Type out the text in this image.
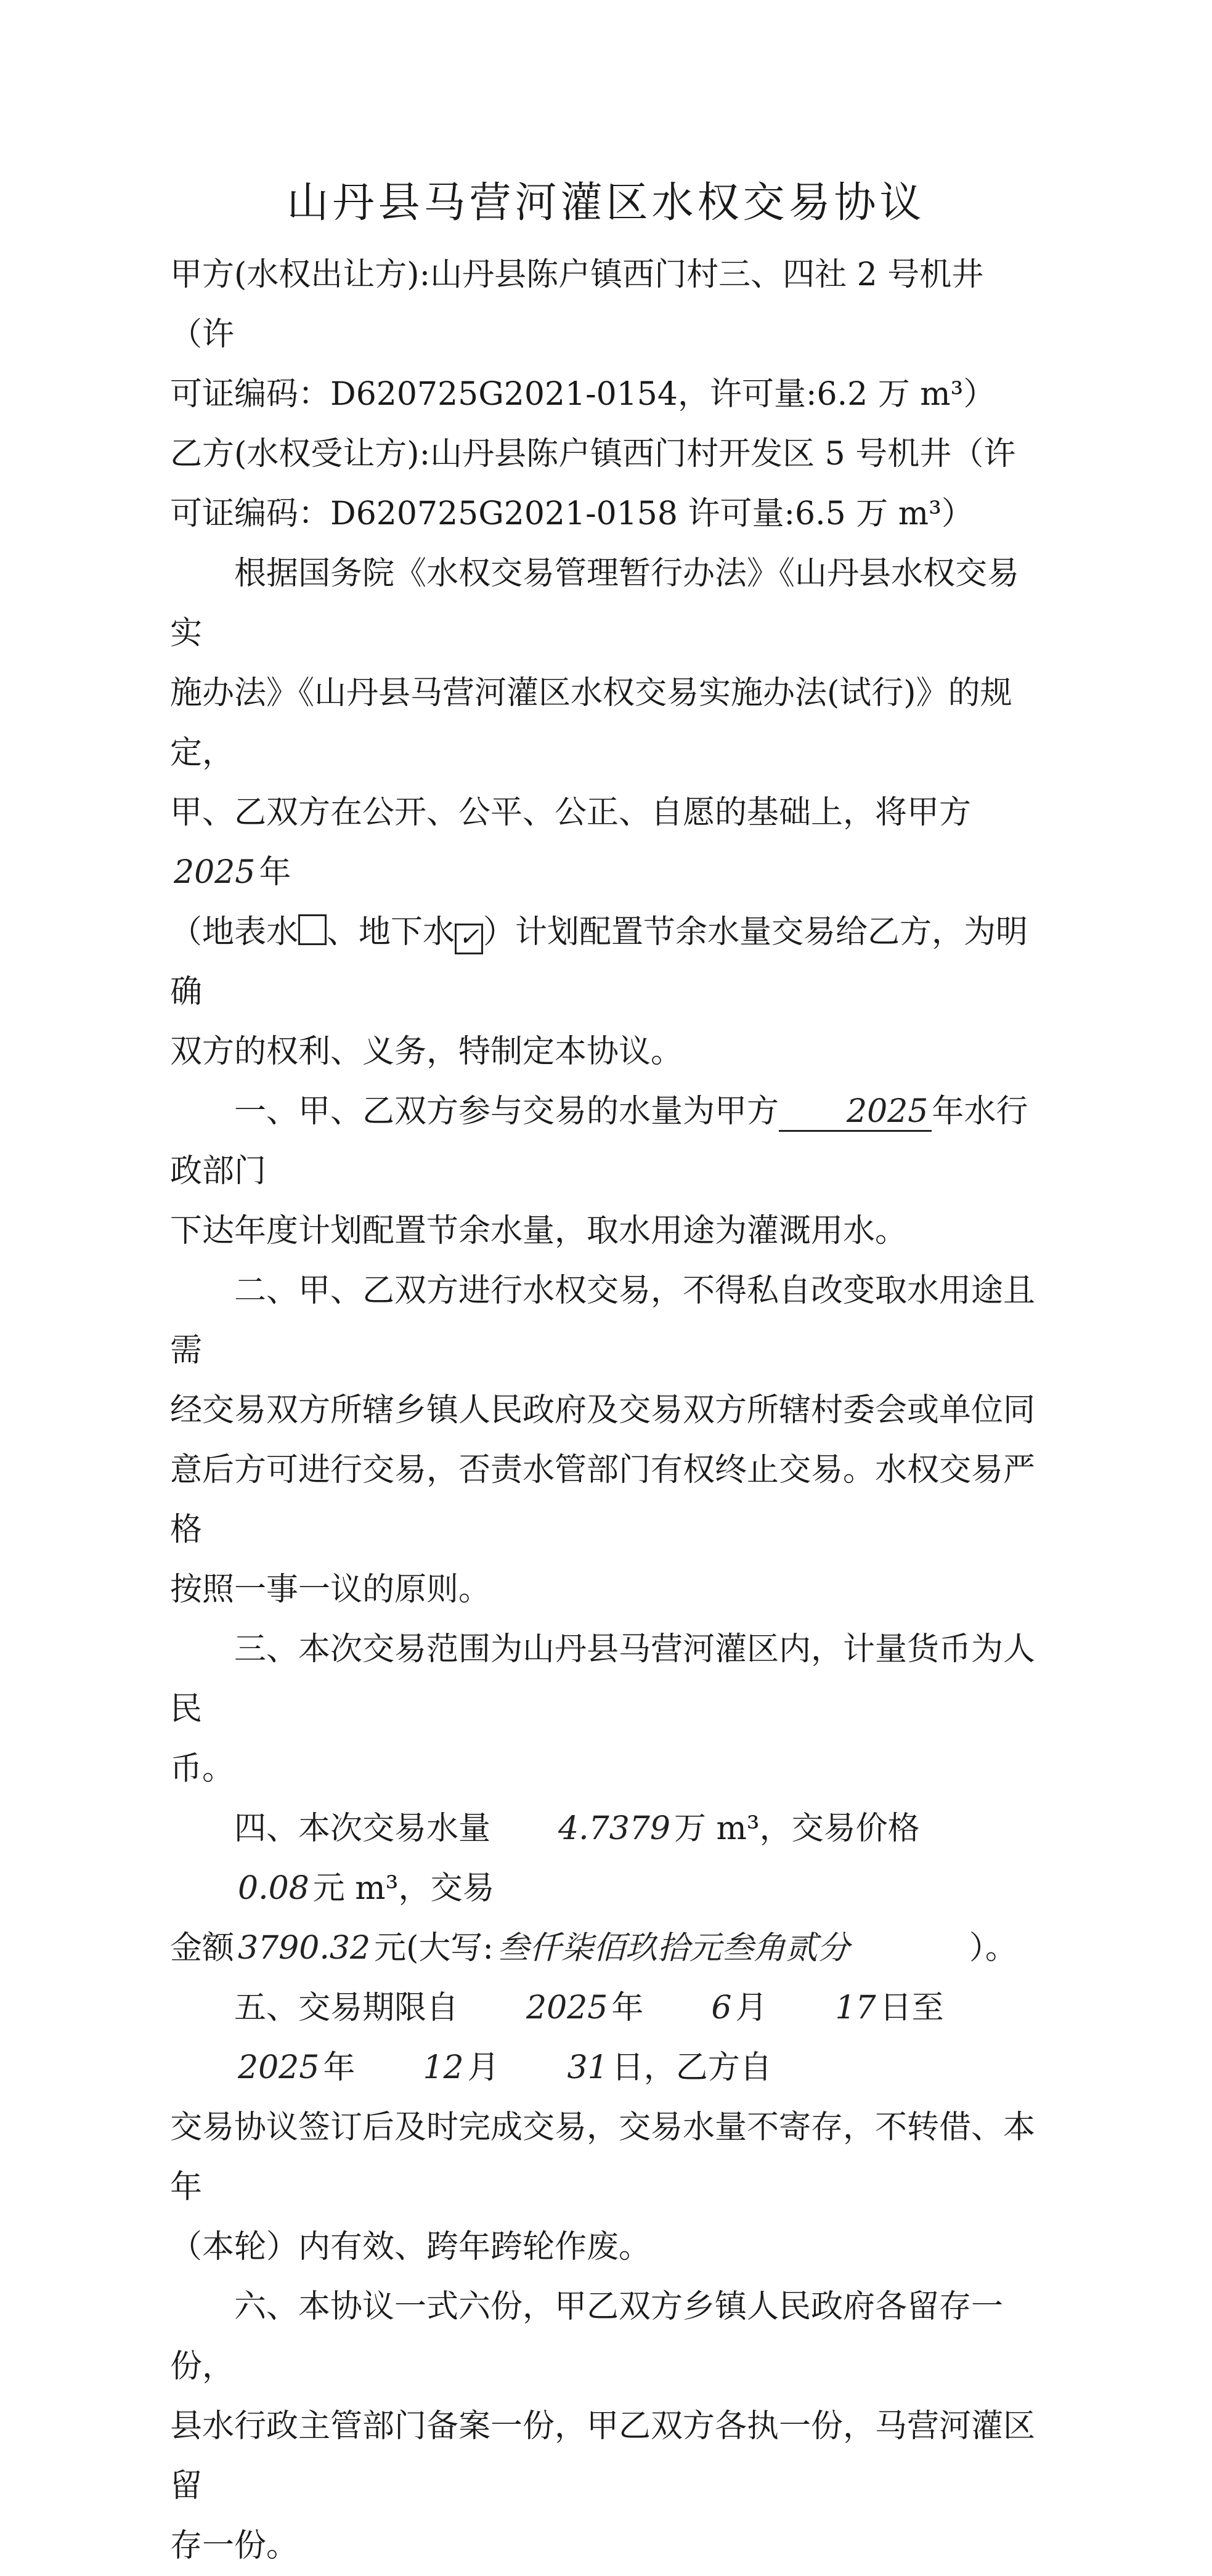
山丹县马营河灌区水权交易协议

甲方(水权出让方):山丹县陈户镇西门村三、四社 2 号机井（许

可证编码：D620725G2021-0154，许可量:6.2 万 m³）

乙方(水权受让方):山丹县陈户镇西门村开发区 5 号机井（许

可证编码：D620725G2021-0158 许可量:6.5 万 m³）

根据国务院《水权交易管理暂行办法》《山丹县水权交易实

施办法》《山丹县马营河灌区水权交易实施办法(试行)》的规定，

甲、乙双方在公开、公平、公正、自愿的基础上，将甲方2025 年

（地表水 、地下水 ✓ ）计划配置节余水量交易给乙方，为明确

双方的权利、义务，特制定本协议。

一、甲、乙双方参与交易的水量为甲方 2025 年水行政部门

下达年度计划配置节余水量，取水用途为灌溉用水。

二、甲、乙双方进行水权交易，不得私自改变取水用途且需

经交易双方所辖乡镇人民政府及交易双方所辖村委会或单位同

意后方可进行交易，否责水管部门有权终止交易。水权交易严格

按照一事一议的原则。

三、本次交易范围为山丹县马营河灌区内，计量货币为人民

币。

四、本次交易水量 4.7379 万 m³，交易价格0.08 元 m³，交易

金额 3790.32 元(大写: 叁仟柒佰玖拾元叁角贰分	）。

五、交易期限自 2025 年 6 月 17 日至2025 年 12 月 31 日，乙方自

交易协议签订后及时完成交易，交易水量不寄存，不转借、本年

（本轮）内有效、跨年跨轮作废。

六、本协议一式六份，甲乙双方乡镇人民政府各留存一份，

县水行政主管部门备案一份，甲乙双方各执一份，马营河灌区留

存一份。
